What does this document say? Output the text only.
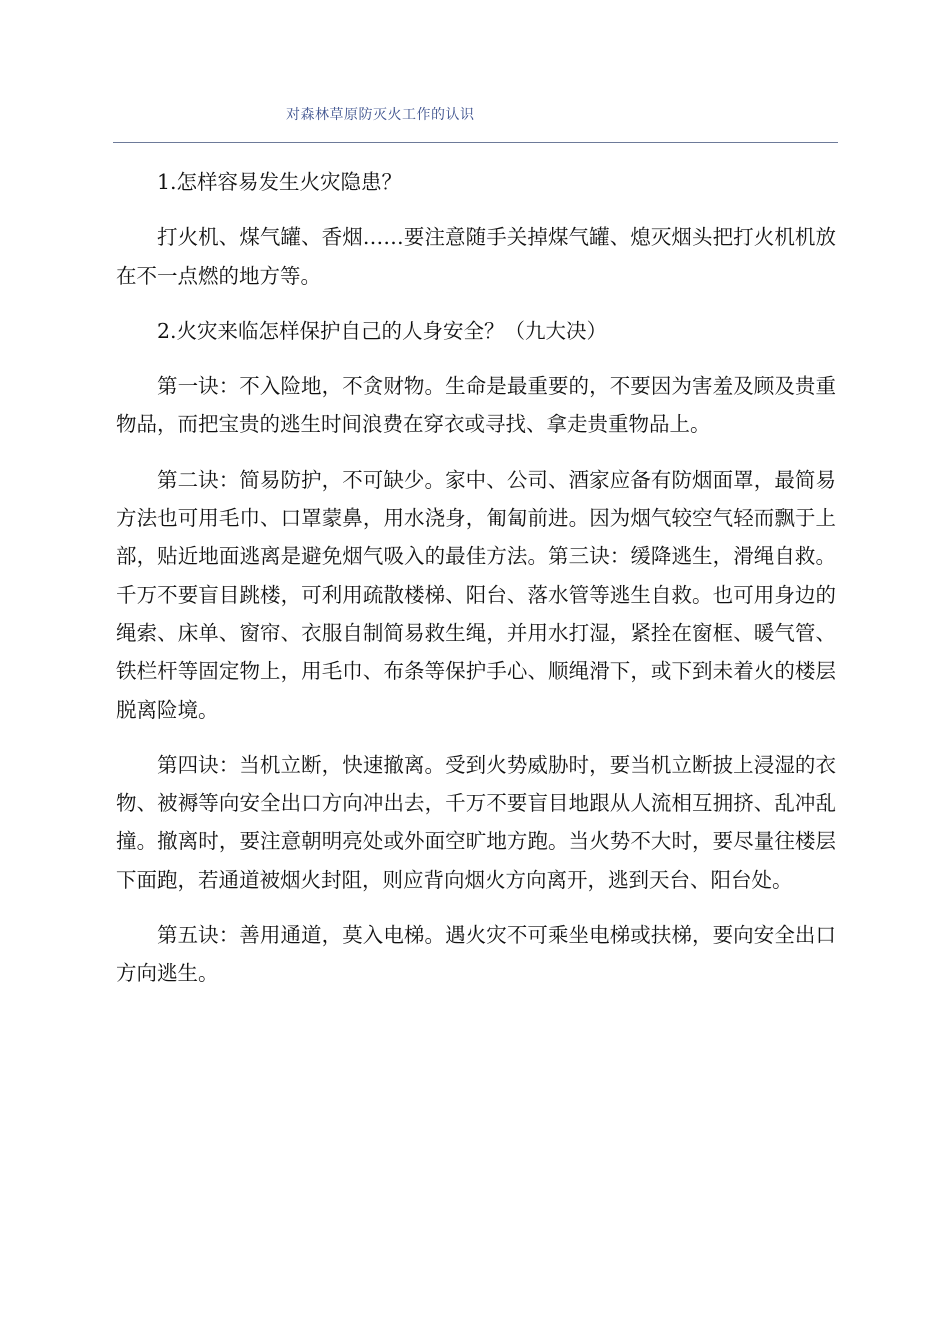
对森林草原防灭火工作的认识

1.怎样容易发生火灾隐患？

打火机、煤气罐、香烟……要注意随手关掉煤气罐、熄灭烟头把打火机机放在不一点燃的地方等。

2.火灾来临怎样保护自己的人身安全？（九大决）

第一诀：不入险地，不贪财物。生命是最重要的，不要因为害羞及顾及贵重物品，而把宝贵的逃生时间浪费在穿衣或寻找、拿走贵重物品上。

第二诀：简易防护，不可缺少。家中、公司、酒家应备有防烟面罩，最简易方法也可用毛巾、口罩蒙鼻，用水浇身，匍匐前进。因为烟气较空气轻而飘于上部，贴近地面逃离是避免烟气吸入的最佳方法。第三诀：缓降逃生，滑绳自救。千万不要盲目跳楼，可利用疏散楼梯、阳台、落水管等逃生自救。也可用身边的绳索、床单、窗帘、衣服自制简易救生绳，并用水打湿，紧拴在窗框、暖气管、铁栏杆等固定物上，用毛巾、布条等保护手心、顺绳滑下，或下到未着火的楼层脱离险境。

第四诀：当机立断，快速撤离。受到火势威胁时，要当机立断披上浸湿的衣物、被褥等向安全出口方向冲出去，千万不要盲目地跟从人流相互拥挤、乱冲乱撞。撤离时，要注意朝明亮处或外面空旷地方跑。当火势不大时，要尽量往楼层下面跑，若通道被烟火封阻，则应背向烟火方向离开，逃到天台、阳台处。

第五诀：善用通道，莫入电梯。遇火灾不可乘坐电梯或扶梯，要向安全出口方向逃生。
